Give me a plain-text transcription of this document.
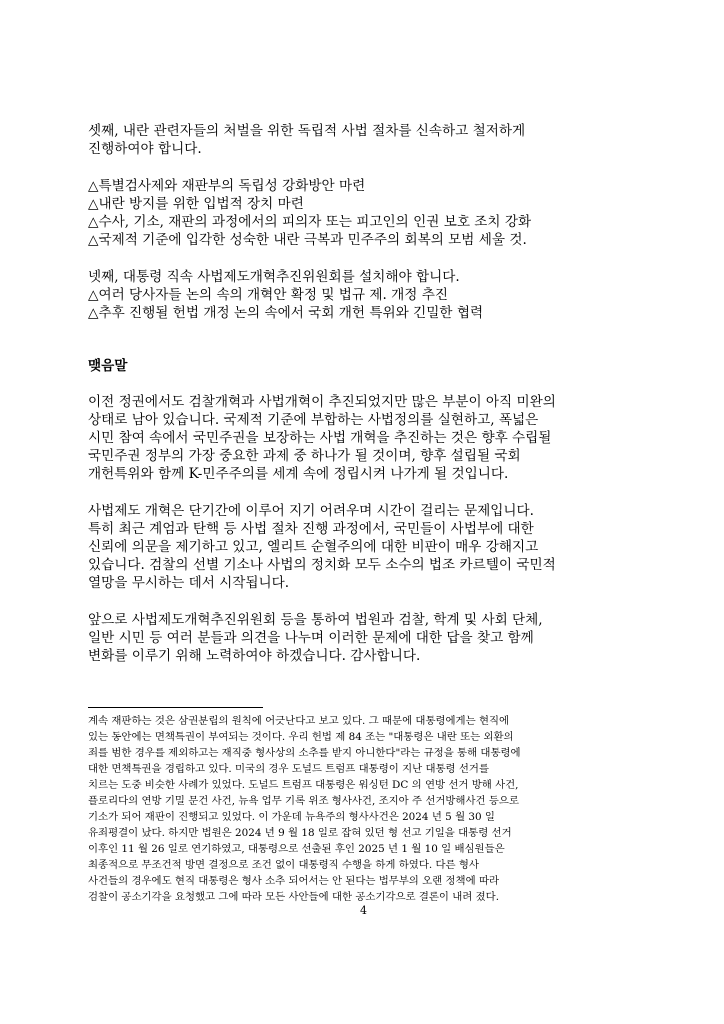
셋째, 내란 관련자들의 처벌을 위한 독립적 사법 절차를 신속하고 철저하게
진행하여야 합니다.
△특별검사제와 재판부의 독립성 강화방안 마련
△내란 방지를 위한 입법적 장치 마련
△수사, 기소, 재판의 과정에서의 피의자 또는 피고인의 인권 보호 조치 강화
△국제적 기준에 입각한 성숙한 내란 극복과 민주주의 회복의 모범 세울 것.
넷째, 대통령 직속 사법제도개혁추진위원회를 설치해야 합니다.
△여러 당사자들 논의 속의 개혁안 확정 및 법규 제. 개정 추진
△추후 진행될 헌법 개정 논의 속에서 국회 개헌 특위와 긴밀한 협력
맺음말
이전 정권에서도 검찰개혁과 사법개혁이 추진되었지만 많은 부분이 아직 미완의
상태로 남아 있습니다. 국제적 기준에 부합하는 사법정의를 실현하고, 폭넓은
시민 참여 속에서 국민주권을 보장하는 사법 개혁을 추진하는 것은 향후 수립될
국민주권 정부의 가장 중요한 과제 중 하나가 될 것이며, 향후 설립될 국회
개헌특위와 함께 K-민주주의를 세계 속에 정립시켜 나가게 될 것입니다.
사법제도 개혁은 단기간에 이루어 지기 어려우며 시간이 걸리는 문제입니다.
특히 최근 계엄과 탄핵 등 사법 절차 진행 과정에서, 국민들이 사법부에 대한
신뢰에 의문을 제기하고 있고, 엘리트 순혈주의에 대한 비판이 매우 강해지고
있습니다. 검찰의 선별 기소나 사법의 정치화 모두 소수의 법조 카르텔이 국민적
열망을 무시하는 데서 시작됩니다.
앞으로 사법제도개혁추진위원회 등을 통하여 법원과 검찰, 학계 및 사회 단체,
일반 시민 등 여러 분들과 의견을 나누며 이러한 문제에 대한 답을 찾고 함께
변화를 이루기 위해 노력하여야 하겠습니다. 감사합니다.
계속 재판하는 것은 삼권분립의 원칙에 어긋난다고 보고 있다. 그 때문에 대통령에게는 현직에
있는 동안에는 면책특권이 부여되는 것이다. 우리 헌법 제 84 조는 "대통령은 내란 또는 외환의
죄를 범한 경우를 제외하고는 재직중 형사상의 소추를 받지 아니한다"라는 규정을 통해 대통령에
대한 면책특권을 경립하고 있다. 미국의 경우 도널드 트럼프 대통령이 지난 대통령 선거를
치르는 도중 비슷한 사례가 있었다. 도널드 트럼프 대통령은 워싱턴 DC 의 연방 선거 방해 사건,
플로리다의 연방 기밀 문건 사건, 뉴욕 업무 기록 위조 형사사건, 조지아 주 선거방해사건 등으로
기소가 되어 재판이 진행되고 있었다. 이 가운데 뉴욕주의 형사사건은 2024 년 5 월 30 일
유죄평결이 났다. 하지만 법원은 2024 년 9 월 18 일로 잡혀 있던 형 선고 기일을 대통령 선거
이후인 11 월 26 일로 연기하였고, 대통령으로 선출된 후인 2025 년 1 월 10 일 배심원들은
최종적으로 무조건적 방면 결정으로 조건 없이 대통령직 수행을 하게 하였다. 다른 형사
사건들의 경우에도 현직 대통령은 형사 소추 되어서는 안 된다는 법무부의 오랜 정책에 따라
검찰이 공소기각을 요청했고 그에 따라 모든 사안들에 대한 공소기각으로 결론이 내려 졌다.
4
